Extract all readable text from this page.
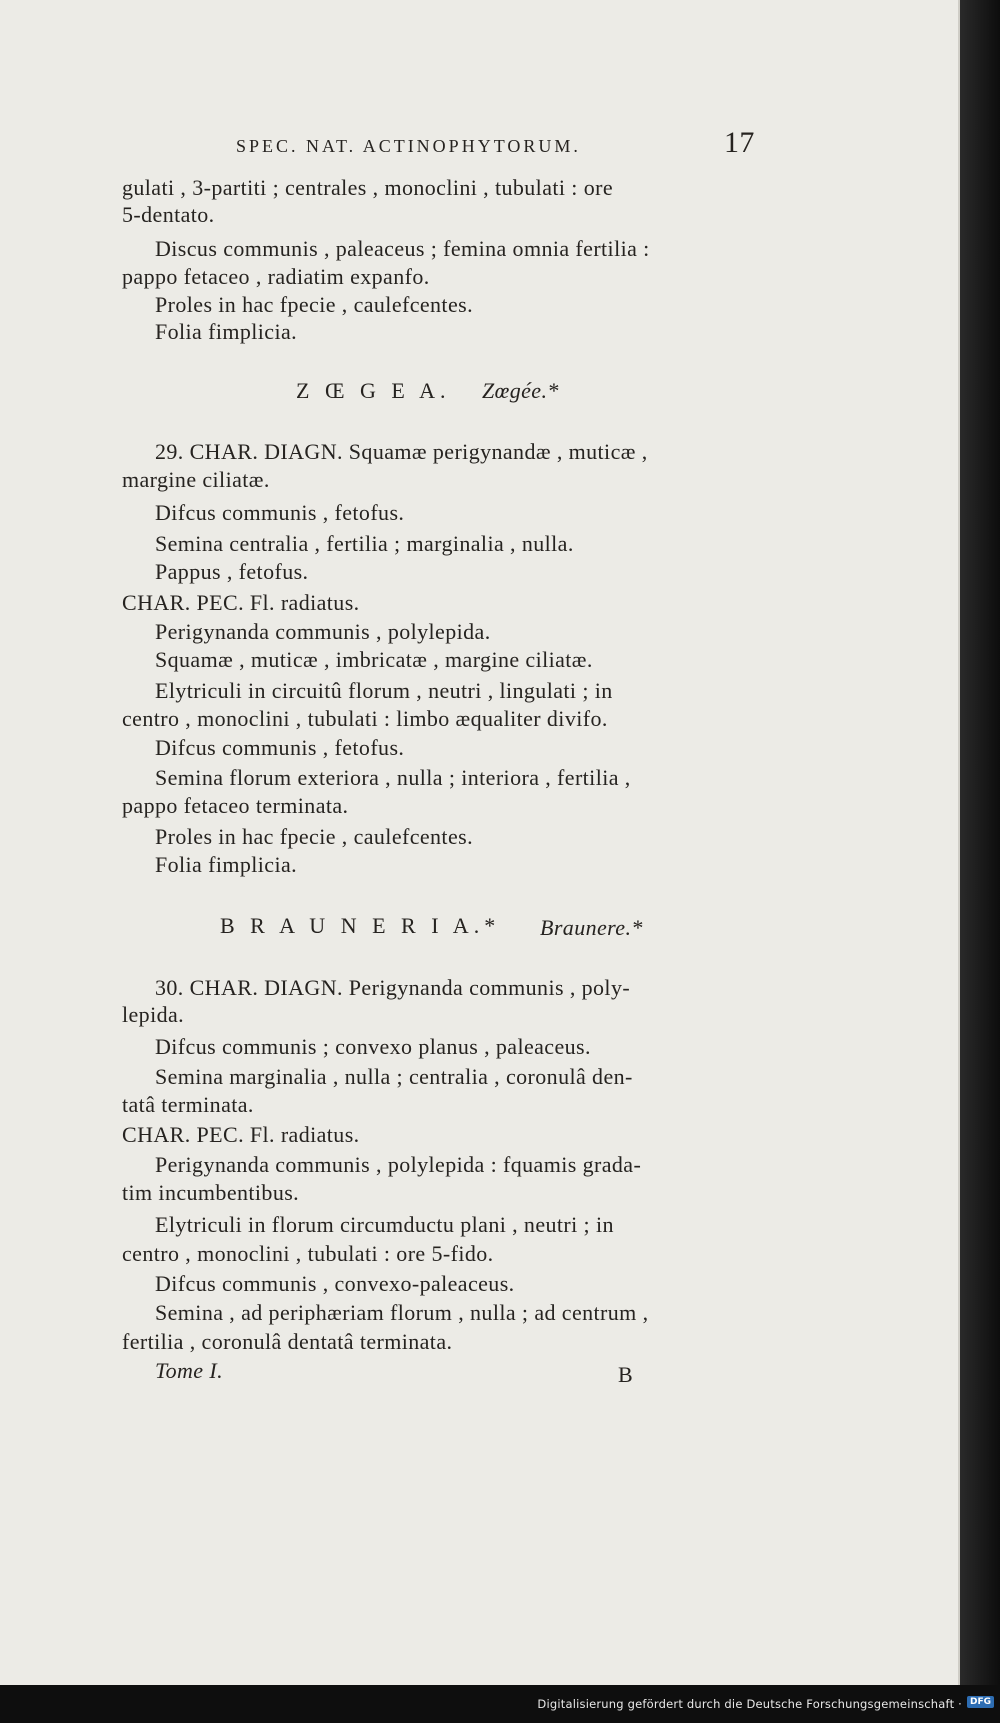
SPEC. NAT. ACTINOPHYTORUM.	17
gulati , 3-partiti ; centrales , monoclini , tubulati : ore
5-dentato.
Discus communis , paleaceus ; femina omnia fertilia :
pappo fetaceo , radiatim expanfo.
Proles in hac fpecie , caulefcentes.
Folia fimplicia.
Z Œ G E A. Zœgée.*
29. CHAR. DIAGN. Squamæ perigynandæ , muticæ ,
margine ciliatæ.
Difcus communis , fetofus.
Semina centralia , fertilia ; marginalia , nulla.
Pappus , fetofus.
CHAR. PEC. Fl. radiatus.
Perigynanda communis , polylepida.
Squamæ , muticæ , imbricatæ , margine ciliatæ.
Elytriculi in circuitû florum , neutri , lingulati ; in
centro , monoclini , tubulati : limbo æqualiter divifo.
Difcus communis , fetofus.
Semina florum exteriora , nulla ; interiora , fertilia ,
pappo fetaceo terminata.
Proles in hac fpecie , caulefcentes.
Folia fimplicia.
B R A U N E R I A.* Braunere.*
30. CHAR. DIAGN. Perigynanda communis , poly-
lepida.
Difcus communis ; convexo planus , paleaceus.
Semina marginalia , nulla ; centralia , coronulâ den-
tatâ terminata.
CHAR. PEC. Fl. radiatus.
Perigynanda communis , polylepida : fquamis grada-
tim incumbentibus.
Elytriculi in florum circumductu plani , neutri ; in
centro , monoclini , tubulati : ore 5-fido.
Difcus communis , convexo-paleaceus.
Semina , ad periphæriam florum , nulla ; ad centrum ,
fertilia , coronulâ dentatâ terminata.
Tome I.	B
Digitalisierung gefördert durch die Deutsche Forschungsgemeinschaft · DFG
